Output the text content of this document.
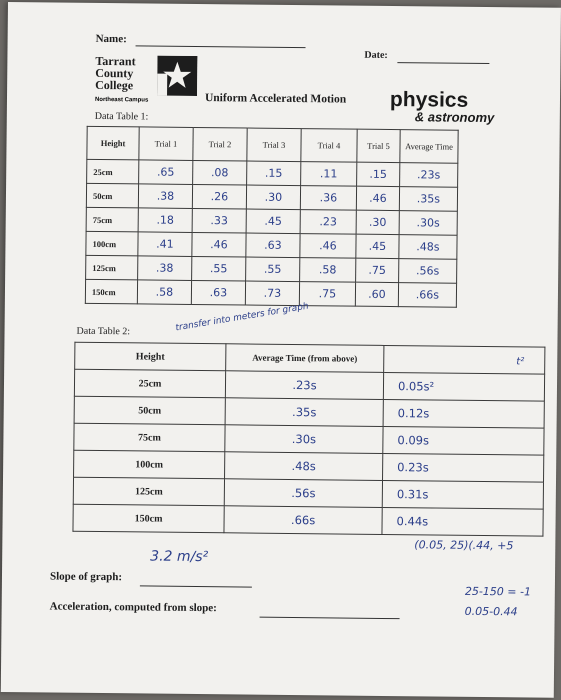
Name:
Date:
Tarrant
County
College
Northeast Campus	Uniform Accelerated Motion physics
& astronomy
Data Table 1:
Height	Trial 1	Trial 2	Trial 3	Trial 4	Trial 5	Average Time

25cm	.65	.08	.15	.11	.15	.23s
50cm	.38	.26	.30	.36	.46	.35s
75cm	.18	.33	.45	.23	.30	.30s
100cm	.41	.46	.63	.46	.45	.48s
125cm	.38	.55	.55	.58	.75	.56s
150cm	.58	.63	.73	.75	.60	.66s
transfer into meters for graph
Data Table 2:
Height	Average Time (from above)	t²

25cm	.23s	0.05s²

50cm	.35s	0.12s

75cm	.30s	0.09s

100cm	.48s	0.23s

125cm	.56s	0.31s

150cm	.66s	0.44s
(0.05, 25)(.44, +5
25-150 = -1
0.05-0.44
Slope of graph:
3.2 m/s²
Acceleration, computed from slope:
